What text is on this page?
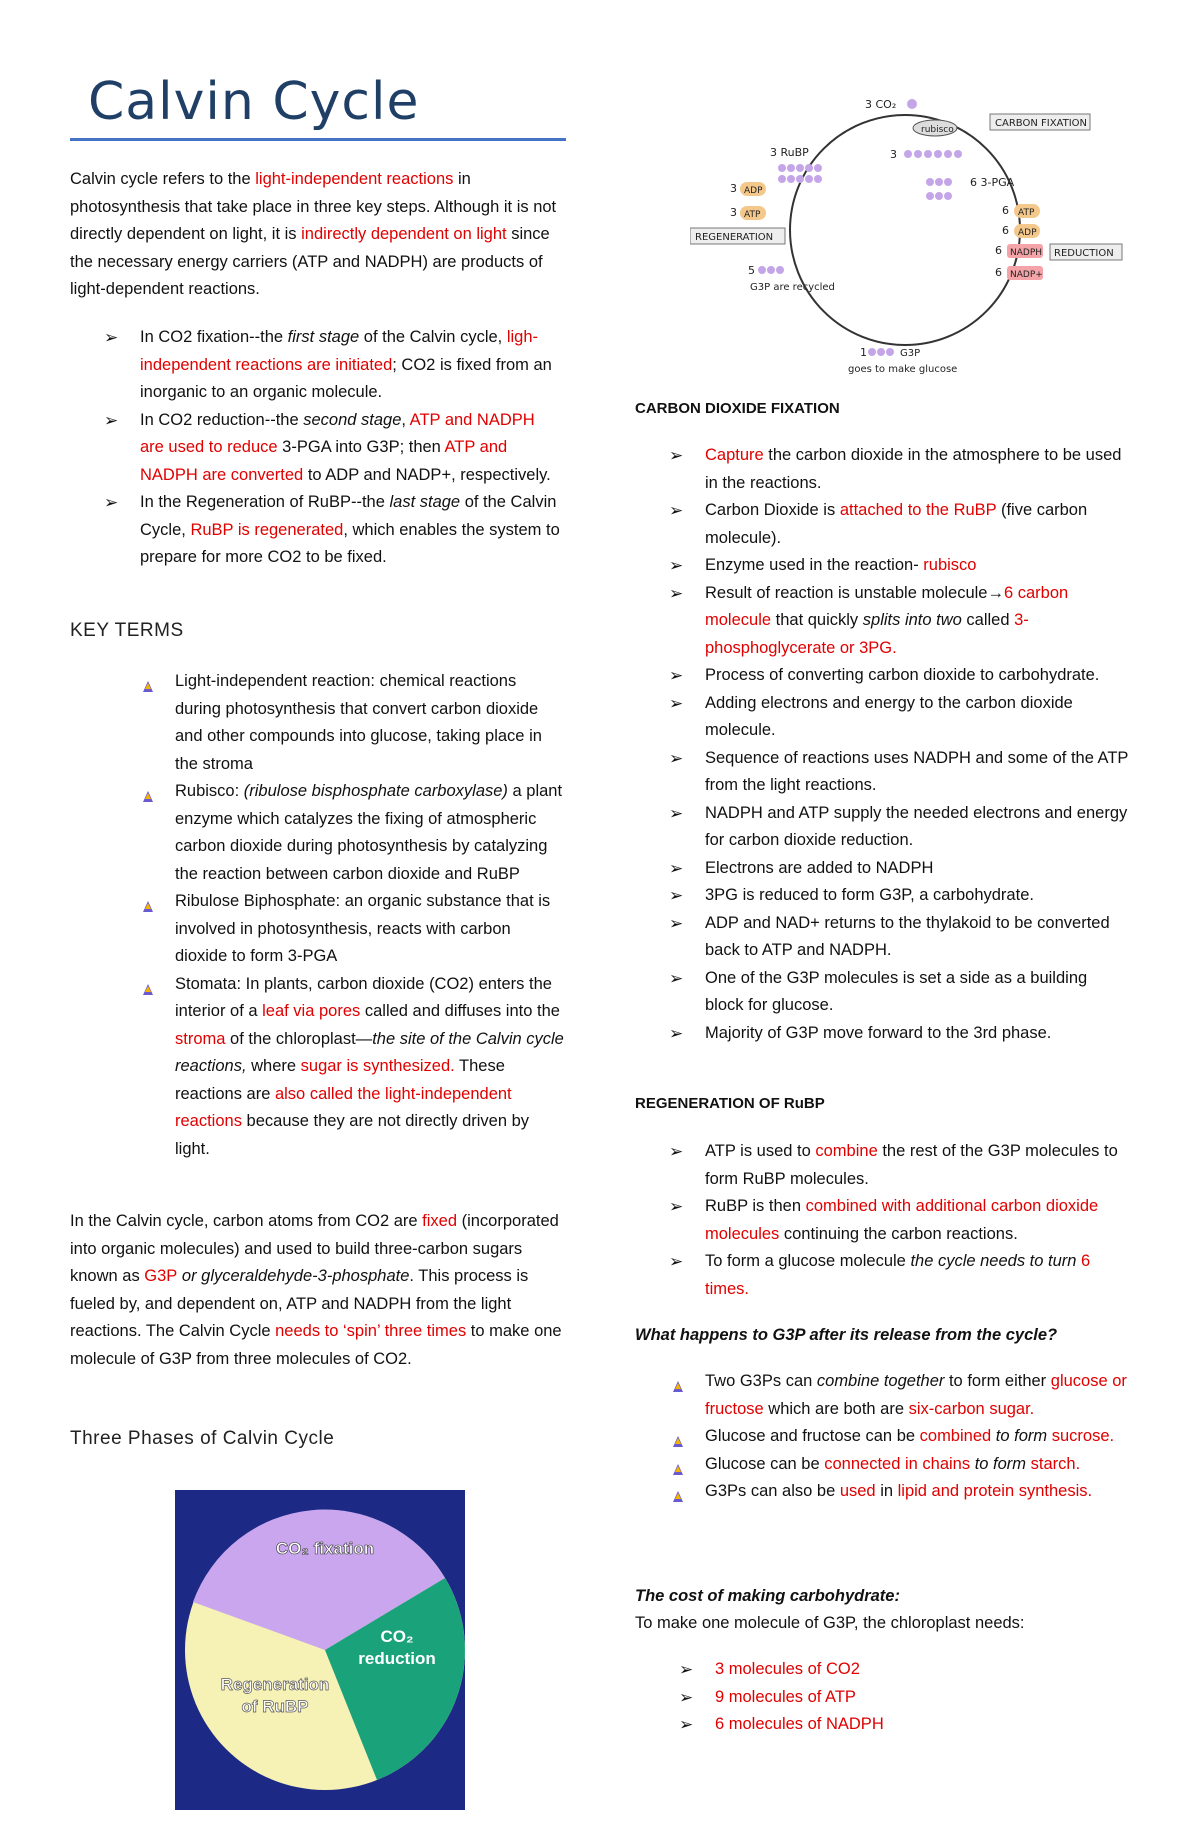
Calvin Cycle
Calvin cycle refers to the light-independent reactions in photosynthesis that take place in three key steps. Although it is not directly dependent on light, it is indirectly dependent on light since the necessary energy carriers (ATP and NADPH) are products of light-dependent reactions.
➢ In CO2 fixation--the first stage of the Calvin cycle, ligh-independent reactions are initiated; CO2 is fixed from an inorganic to an organic molecule.
➢ In CO2 reduction--the second stage, ATP and NADPH are used to reduce 3-PGA into G3P; then ATP and NADPH are converted to ADP and NADP+, respectively.
➢ In the Regeneration of RuBP--the last stage of the Calvin Cycle, RuBP is regenerated, which enables the system to prepare for more CO2 to be fixed.
KEY TERMS
Light-independent reaction: chemical reactions during photosynthesis that convert carbon dioxide and other compounds into glucose, taking place in the stroma
Rubisco: (ribulose bisphosphate carboxylase) a plant enzyme which catalyzes the fixing of atmospheric carbon dioxide during photosynthesis by catalyzing the reaction between carbon dioxide and RuBP
Ribulose Biphosphate: an organic substance that is involved in photosynthesis, reacts with carbon dioxide to form 3-PGA
Stomata: In plants, carbon dioxide (CO2) enters the interior of a leaf via pores called and diffuses into the stroma of the chloroplast—the site of the Calvin cycle reactions, where sugar is synthesized. These reactions are also called the light-independent reactions because they are not directly driven by light.
In the Calvin cycle, carbon atoms from CO2 are fixed (incorporated into organic molecules) and used to build three-carbon sugars known as G3P or glyceraldehyde-3-phosphate. This process is fueled by, and dependent on, ATP and NADPH from the light reactions. The Calvin Cycle needs to ‘spin’ three times to make one molecule of G3P from three molecules of CO2.
Three Phases of Calvin Cycle
CO₂ fixation
CO₂
reduction
Regeneration
of RuBP
3 CO₂
rubisco
CARBON FIXATION
3 RuBP	3
6 3-PGA
3 ADP
3 ATP	6 ATP
6 ADP
REGENERATION
6 NADPH REDUCTION
6 NADP+
5
G3P are recycled
1	G3P
goes to make glucose
CARBON DIOXIDE FIXATION
➢ Capture the carbon dioxide in the atmosphere to be used in the reactions.
➢ Carbon Dioxide is attached to the RuBP (five carbon molecule).
➢ Enzyme used in the reaction- rubisco
➢ Result of reaction is unstable molecule→6 carbon molecule that quickly splits into two called 3-phosphoglycerate or 3PG.
➢ Process of converting carbon dioxide to carbohydrate.
➢ Adding electrons and energy to the carbon dioxide molecule.
➢ Sequence of reactions uses NADPH and some of the ATP from the light reactions.
➢ NADPH and ATP supply the needed electrons and energy for carbon dioxide reduction.
➢ Electrons are added to NADPH
➢ 3PG is reduced to form G3P, a carbohydrate.
➢ ADP and NAD+ returns to the thylakoid to be converted back to ATP and NADPH.
➢ One of the G3P molecules is set a side as a building block for glucose.
➢ Majority of G3P move forward to the 3rd phase.
REGENERATION OF RuBP
➢ ATP is used to combine the rest of the G3P molecules to form RuBP molecules.
➢ RuBP is then combined with additional carbon dioxide molecules continuing the carbon reactions.
➢ To form a glucose molecule the cycle needs to turn 6 times.
What happens to G3P after its release from the cycle?
Two G3Ps can combine together to form either glucose or fructose which are both are six-carbon sugar.
Glucose and fructose can be combined to form sucrose.
Glucose can be connected in chains to form starch.
G3Ps can also be used in lipid and protein synthesis.
The cost of making carbohydrate:
To make one molecule of G3P, the chloroplast needs:
➢ 3 molecules of CO2
➢ 9 molecules of ATP
➢ 6 molecules of NADPH
